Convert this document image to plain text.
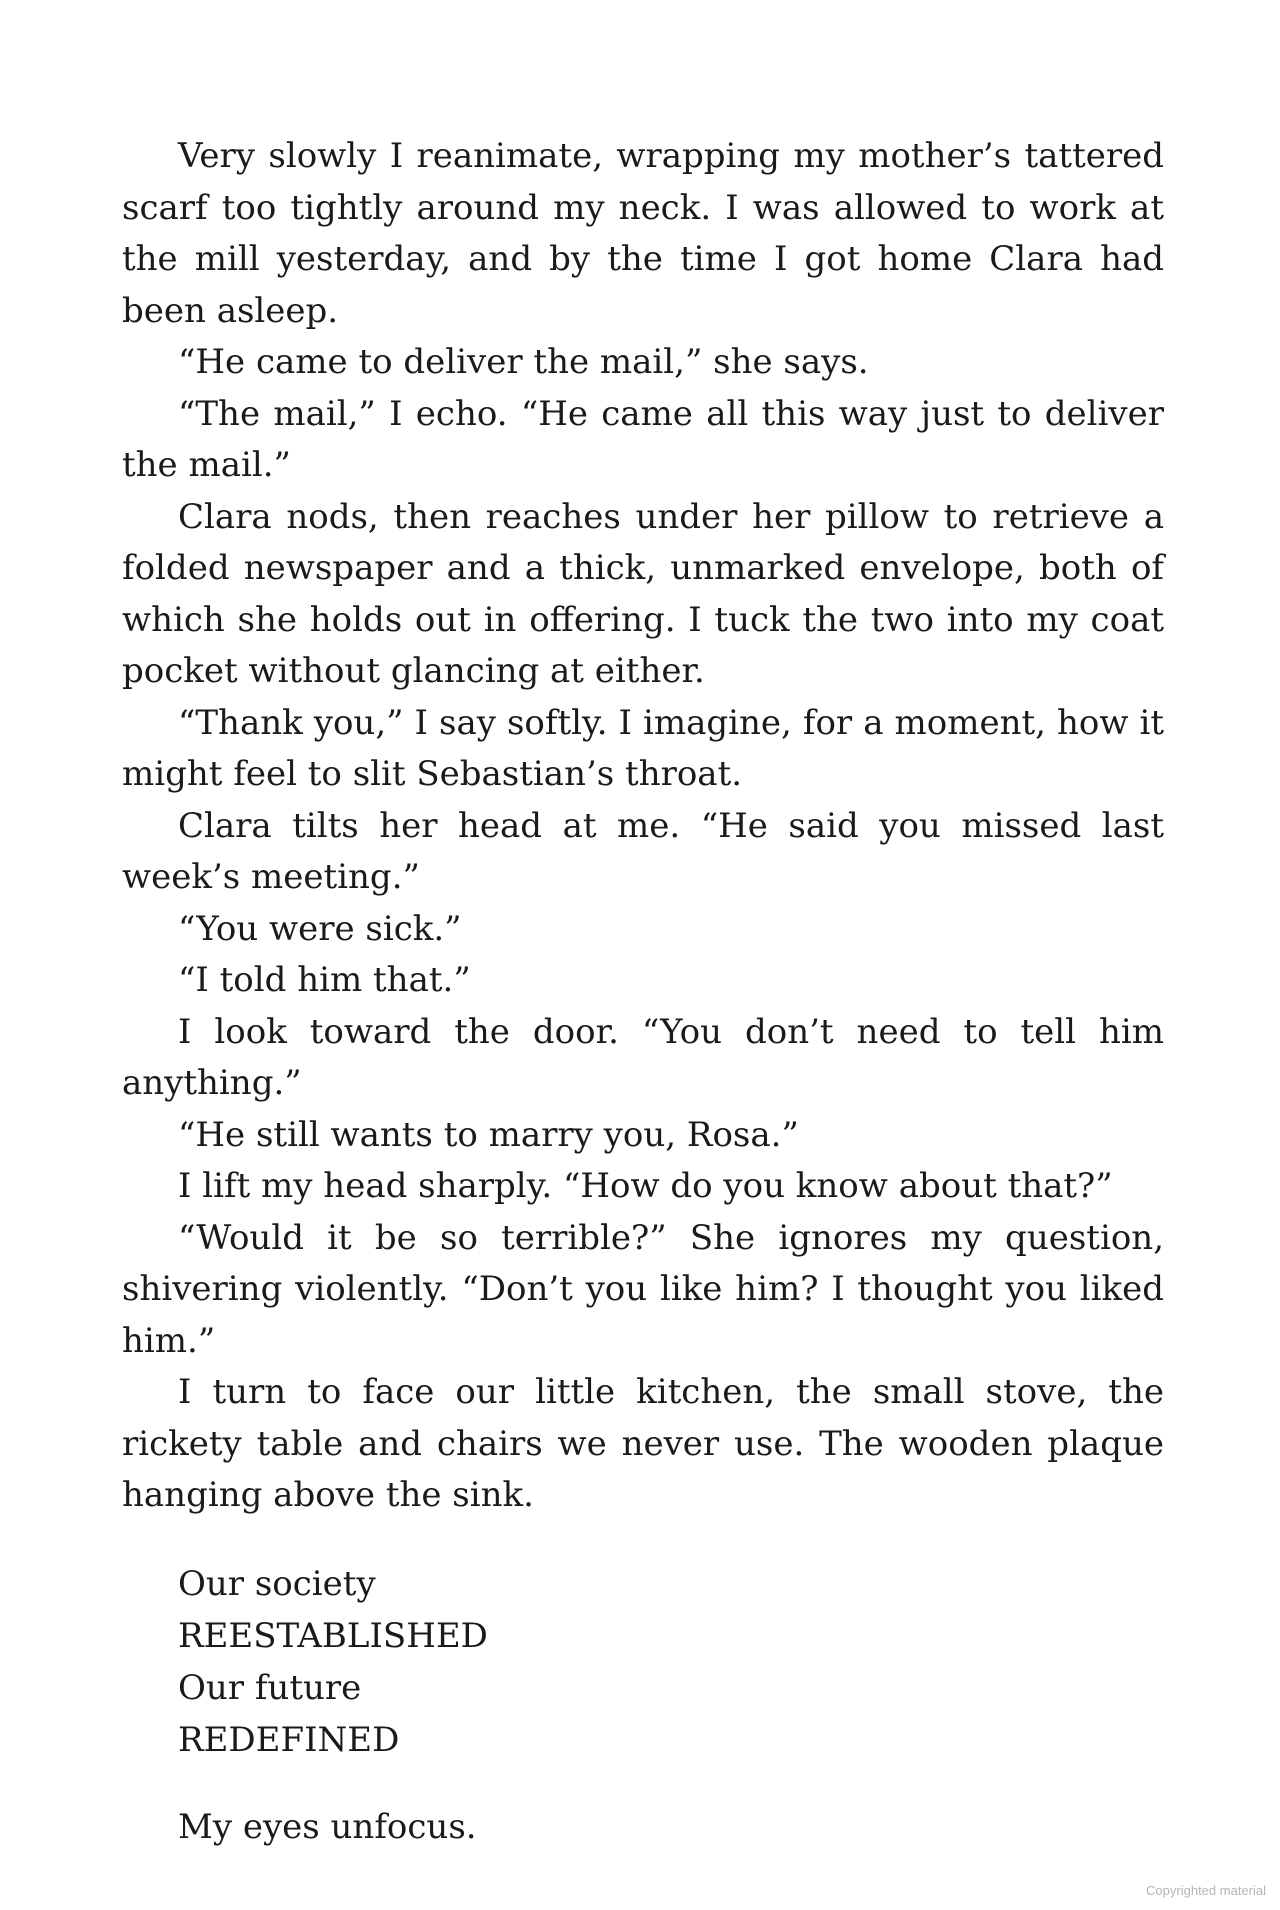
Very slowly I reanimate, wrapping my mother’s tattered scarf too tightly around my neck. I was allowed to work at the mill yesterday, and by the time I got home Clara had been asleep.

“He came to deliver the mail,” she says.

“The mail,” I echo. “He came all this way just to deliver the mail.”

Clara nods, then reaches under her pillow to retrieve a folded newspaper and a thick, unmarked envelope, both of which she holds out in offering. I tuck the two into my coat pocket without glancing at either.

“Thank you,” I say softly. I imagine, for a moment, how it might feel to slit Sebastian’s throat.

Clara tilts her head at me. “He said you missed last week’s meeting.”

“You were sick.”

“I told him that.”

I look toward the door. “You don’t need to tell him anything.”

“He still wants to marry you, Rosa.”

I lift my head sharply. “How do you know about that?”

“Would it be so terrible?” She ignores my question, shivering violently. “Don’t you like him? I thought you liked him.”

I turn to face our little kitchen, the small stove, the rickety table and chairs we never use. The wooden plaque hanging above the sink.

Our society
REESTABLISHED
Our future
REDEFINED

My eyes unfocus.

Copyrighted material
